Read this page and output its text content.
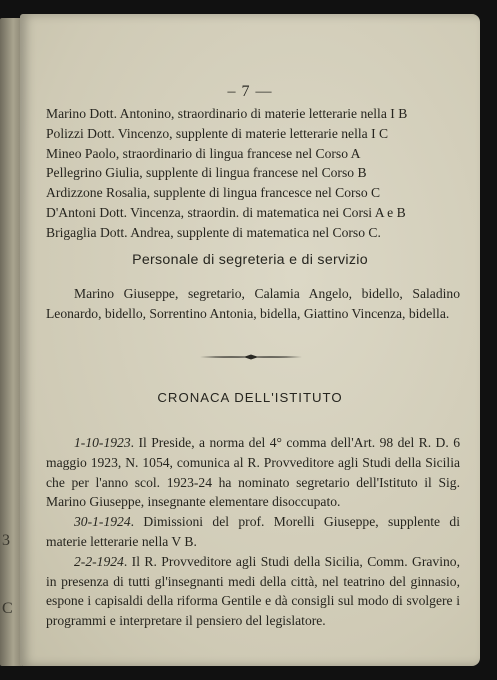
3
C
– 7 —
Marino Dott. Antonino, straordinario di materie letterarie nella I B
Polizzi Dott. Vincenzo, supplente di materie letterarie nella I C
Mineo Paolo, straordinario di lingua francese nel Corso A
Pellegrino Giulia, supplente di lingua francese nel Corso B
Ardizzone Rosalia, supplente di lingua francesce nel Corso C
D'Antoni Dott. Vincenza, straordin. di matematica nei Corsi A e B
Brigaglia Dott. Andrea, supplente di matematica nel Corso C.
Personale di segreteria e di servizio

Marino Giuseppe, segretario, Calamia Angelo, bidello, Saladino Leonardo, bidello, Sorrentino Antonia, bidella, Giattino Vincenza, bidella.

CRONACA DELL'ISTITUTO

1-10-1923. Il Preside, a norma del 4° comma dell'Art. 98 del R. D. 6 maggio 1923, N. 1054, comunica al R. Provveditore agli Studi della Sicilia che per l'anno scol. 1923-24 ha nominato segretario dell'Istituto il Sig. Marino Giuseppe, insegnante elementare disoccupato.

30-1-1924. Dimissioni del prof. Morelli Giuseppe, supplente di materie letterarie nella V B.

2-2-1924. Il R. Provveditore agli Studi della Sicilia, Comm. Gravino, in presenza di tutti gl'insegnanti medi della città, nel teatrino del ginnasio, espone i capisaldi della riforma Gentile e dà consigli sul modo di svolgere i programmi e interpretare il pensiero del legislatore.
